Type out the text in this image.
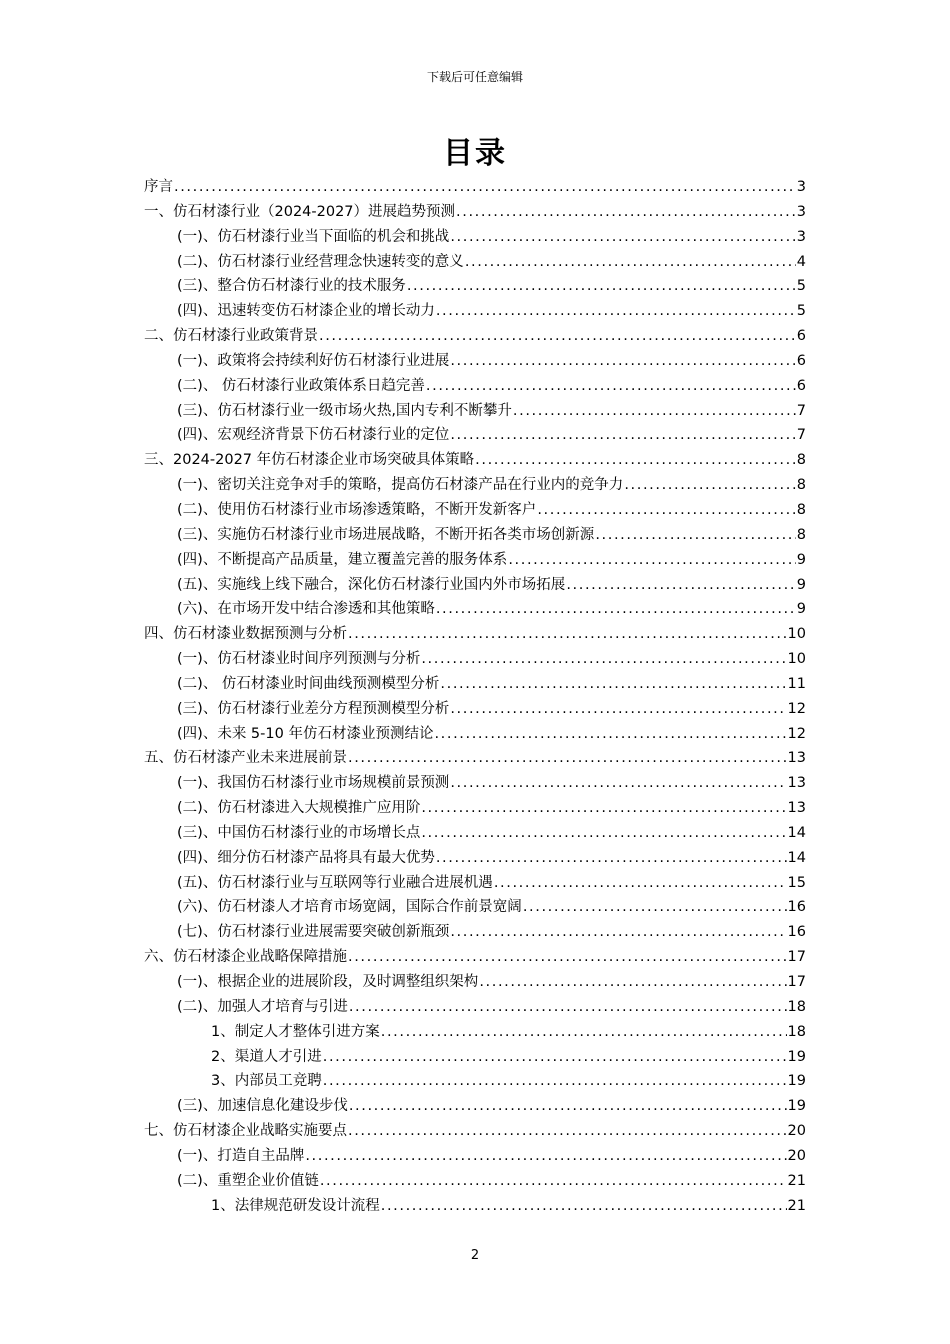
下载后可任意编辑
目录
序言 .....	3
一、仿石材漆行业（2024-2027）进展趋势预测 .....	3
(一)、仿石材漆行业当下面临的机会和挑战 .....	3
(二)、仿石材漆行业经营理念快速转变的意义 .....	4
(三)、整合仿石材漆行业的技术服务 .....	5
(四)、迅速转变仿石材漆企业的增长动力 .....	5
二、仿石材漆行业政策背景 .....	6
(一)、政策将会持续利好仿石材漆行业进展 .....	6
(二)、 仿石材漆行业政策体系日趋完善 .....	6
(三)、仿石材漆行业一级市场火热,国内专利不断攀升 .....	7
(四)、宏观经济背景下仿石材漆行业的定位 .....	7
三、2024-2027 年仿石材漆企业市场突破具体策略 .....	8
(一)、密切关注竞争对手的策略，提高仿石材漆产品在行业内的竞争力 .....	8
(二)、使用仿石材漆行业市场渗透策略，不断开发新客户 .....	8
(三)、实施仿石材漆行业市场进展战略，不断开拓各类市场创新源 .....	8
(四)、不断提高产品质量，建立覆盖完善的服务体系 .....	9
(五)、实施线上线下融合，深化仿石材漆行业国内外市场拓展 .....	9
(六)、在市场开发中结合渗透和其他策略 .....	9
四、仿石材漆业数据预测与分析 .....	10
(一)、仿石材漆业时间序列预测与分析 .....	10
(二)、 仿石材漆业时间曲线预测模型分析 .....	11
(三)、仿石材漆行业差分方程预测模型分析 .....	12
(四)、未来 5-10 年仿石材漆业预测结论 .....	12
五、仿石材漆产业未来进展前景 .....	13
(一)、我国仿石材漆行业市场规模前景预测 .....	13
(二)、仿石材漆进入大规模推广应用阶 .....	13
(三)、中国仿石材漆行业的市场增长点 .....	14
(四)、细分仿石材漆产品将具有最大优势 .....	14
(五)、仿石材漆行业与互联网等行业融合进展机遇 .....	15
(六)、仿石材漆人才培育市场宽阔，国际合作前景宽阔 .....	16
(七)、仿石材漆行业进展需要突破创新瓶颈 .....	16
六、仿石材漆企业战略保障措施 .....	17
(一)、根据企业的进展阶段，及时调整组织架构 .....	17
(二)、加强人才培育与引进 .....	18
1、制定人才整体引进方案 .....	18
2、渠道人才引进 .....	19
3、内部员工竞聘 .....	19
(三)、加速信息化建设步伐 .....	19
七、仿石材漆企业战略实施要点 .....	20
(一)、打造自主品牌 .....	20
(二)、重塑企业价值链 .....	21
1、法律规范研发设计流程 .....	21
2
